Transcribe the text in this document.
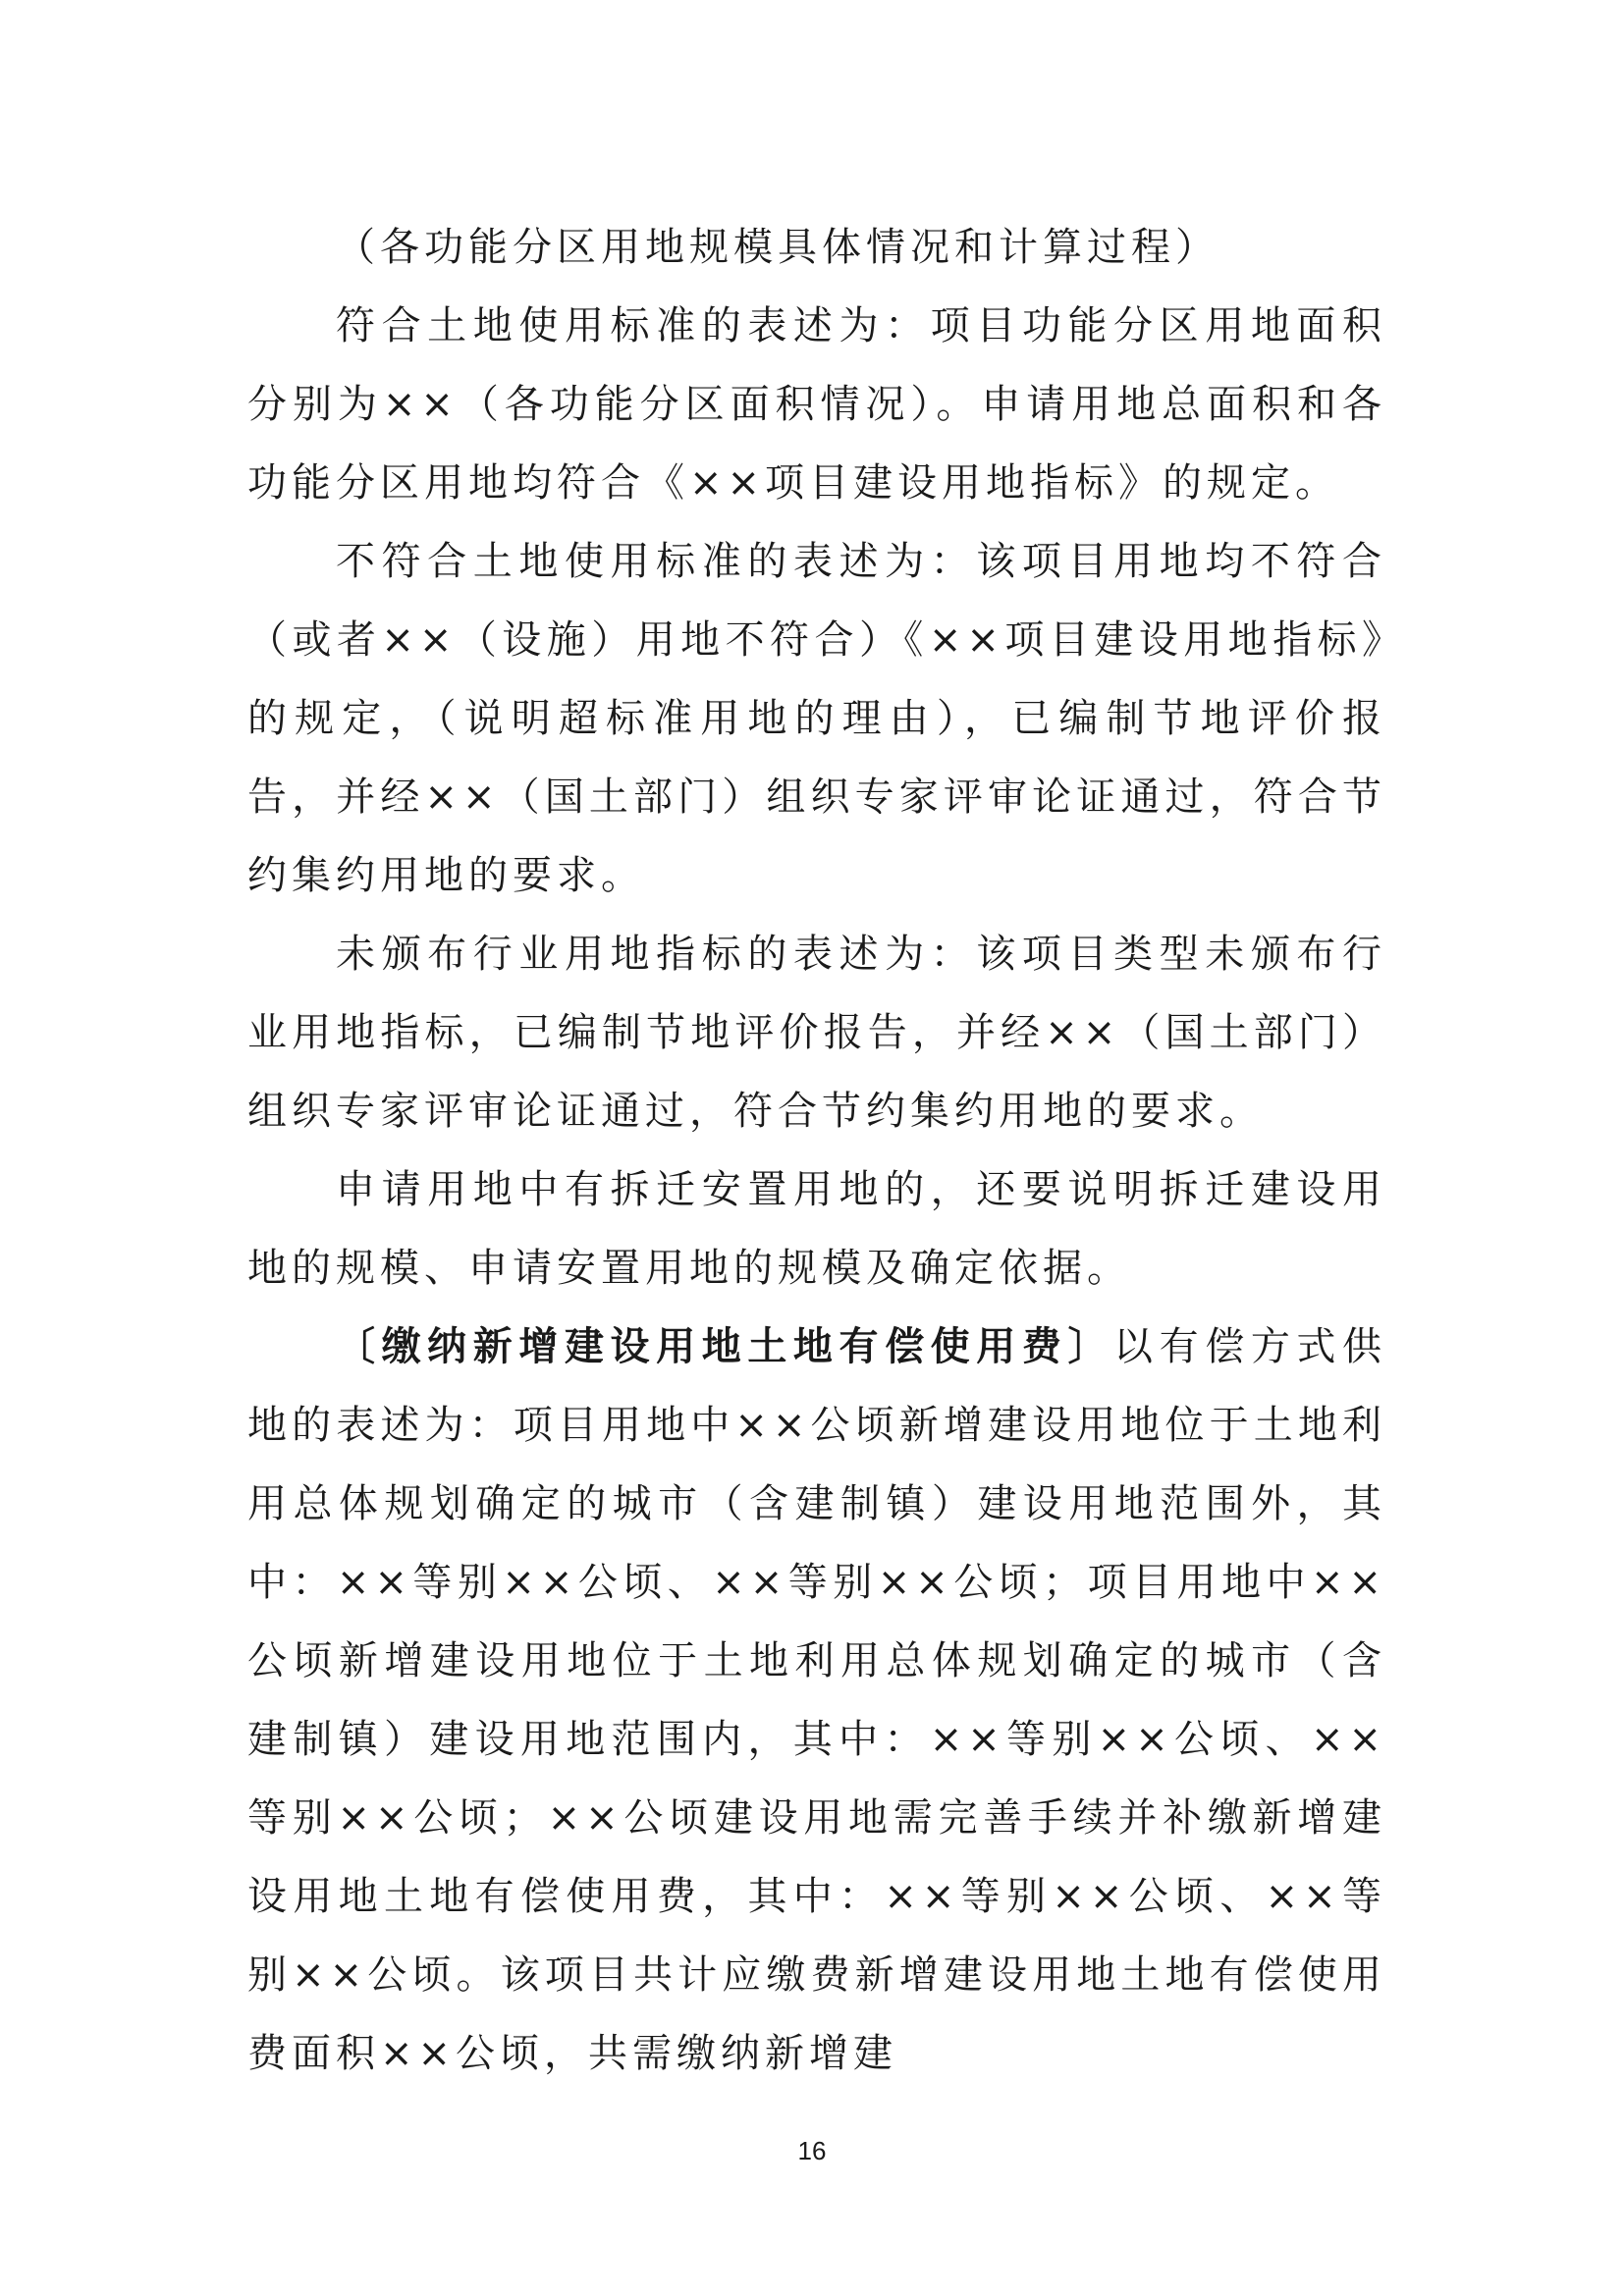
（各功能分区用地规模具体情况和计算过程）

符合土地使用标准的表述为：项目功能分区用地面积分别为××（各功能分区面积情况）。申请用地总面积和各功能分区用地均符合《××项目建设用地指标》的规定。

不符合土地使用标准的表述为：该项目用地均不符合（或者××（设施）用地不符合）《××项目建设用地指标》的规定，（说明超标准用地的理由），已编制节地评价报告，并经××（国土部门）组织专家评审论证通过，符合节约集约用地的要求。

未颁布行业用地指标的表述为：该项目类型未颁布行业用地指标，已编制节地评价报告，并经××（国土部门）组织专家评审论证通过，符合节约集约用地的要求。

申请用地中有拆迁安置用地的，还要说明拆迁建设用地的规模、申请安置用地的规模及确定依据。

〔缴纳新增建设用地土地有偿使用费〕以有偿方式供地的表述为：项目用地中××公顷新增建设用地位于土地利用总体规划确定的城市（含建制镇）建设用地范围外，其中：××等别××公顷、××等别××公顷；项目用地中××公顷新增建设用地位于土地利用总体规划确定的城市（含建制镇）建设用地范围内，其中：××等别××公顷、××等别××公顷；××公顷建设用地需完善手续并补缴新增建设用地土地有偿使用费，其中：××等别××公顷、××等别××公顷。该项目共计应缴费新增建设用地土地有偿使用费面积××公顷，共需缴纳新增建

16
